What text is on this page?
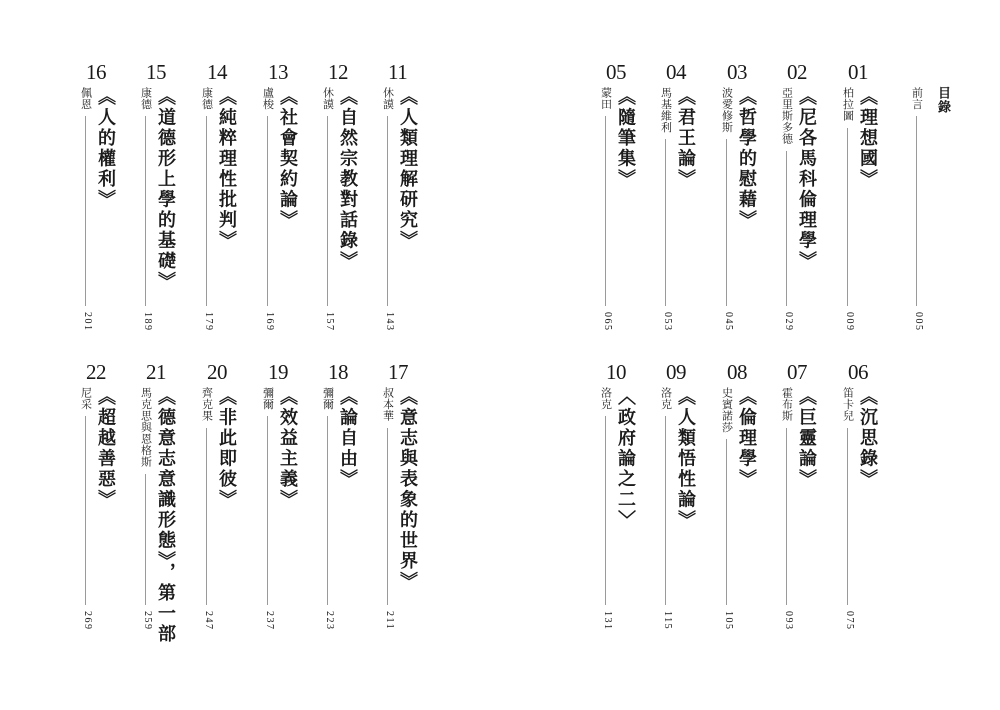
01
《理想國》
柏拉圖
009
02
《尼各馬科倫理學》
亞里斯多德
029
03
《哲學的慰藉》
波愛修斯
045
04
《君王論》
馬基維利
053
05
《隨筆集》
蒙田
065
06
《沉思錄》
笛卡兒
075
07
《巨靈論》
霍布斯
093
08
《倫理學》
史賓諾莎
105
09
《人類悟性論》
洛克
115
10
〈政府論之二〉
洛克
131
11
《人類理解研究》
休謨
143
12
《自然宗教對話錄》
休謨
157
13
《社會契約論》
盧梭
169
14
《純粹理性批判》
康德
179
15
《道德形上學的基礎》
康德
189
16
《人的權利》
佩恩
201
17
《意志與表象的世界》
叔本華
211
18
《論自由》
彌爾
223
19
《效益主義》
彌爾
237
20
《非此即彼》
齊克果
247
21
《德意志意識形態》，第一部
馬克思與恩格斯
259
22
《超越善惡》
尼采
269
目錄
前言
005
